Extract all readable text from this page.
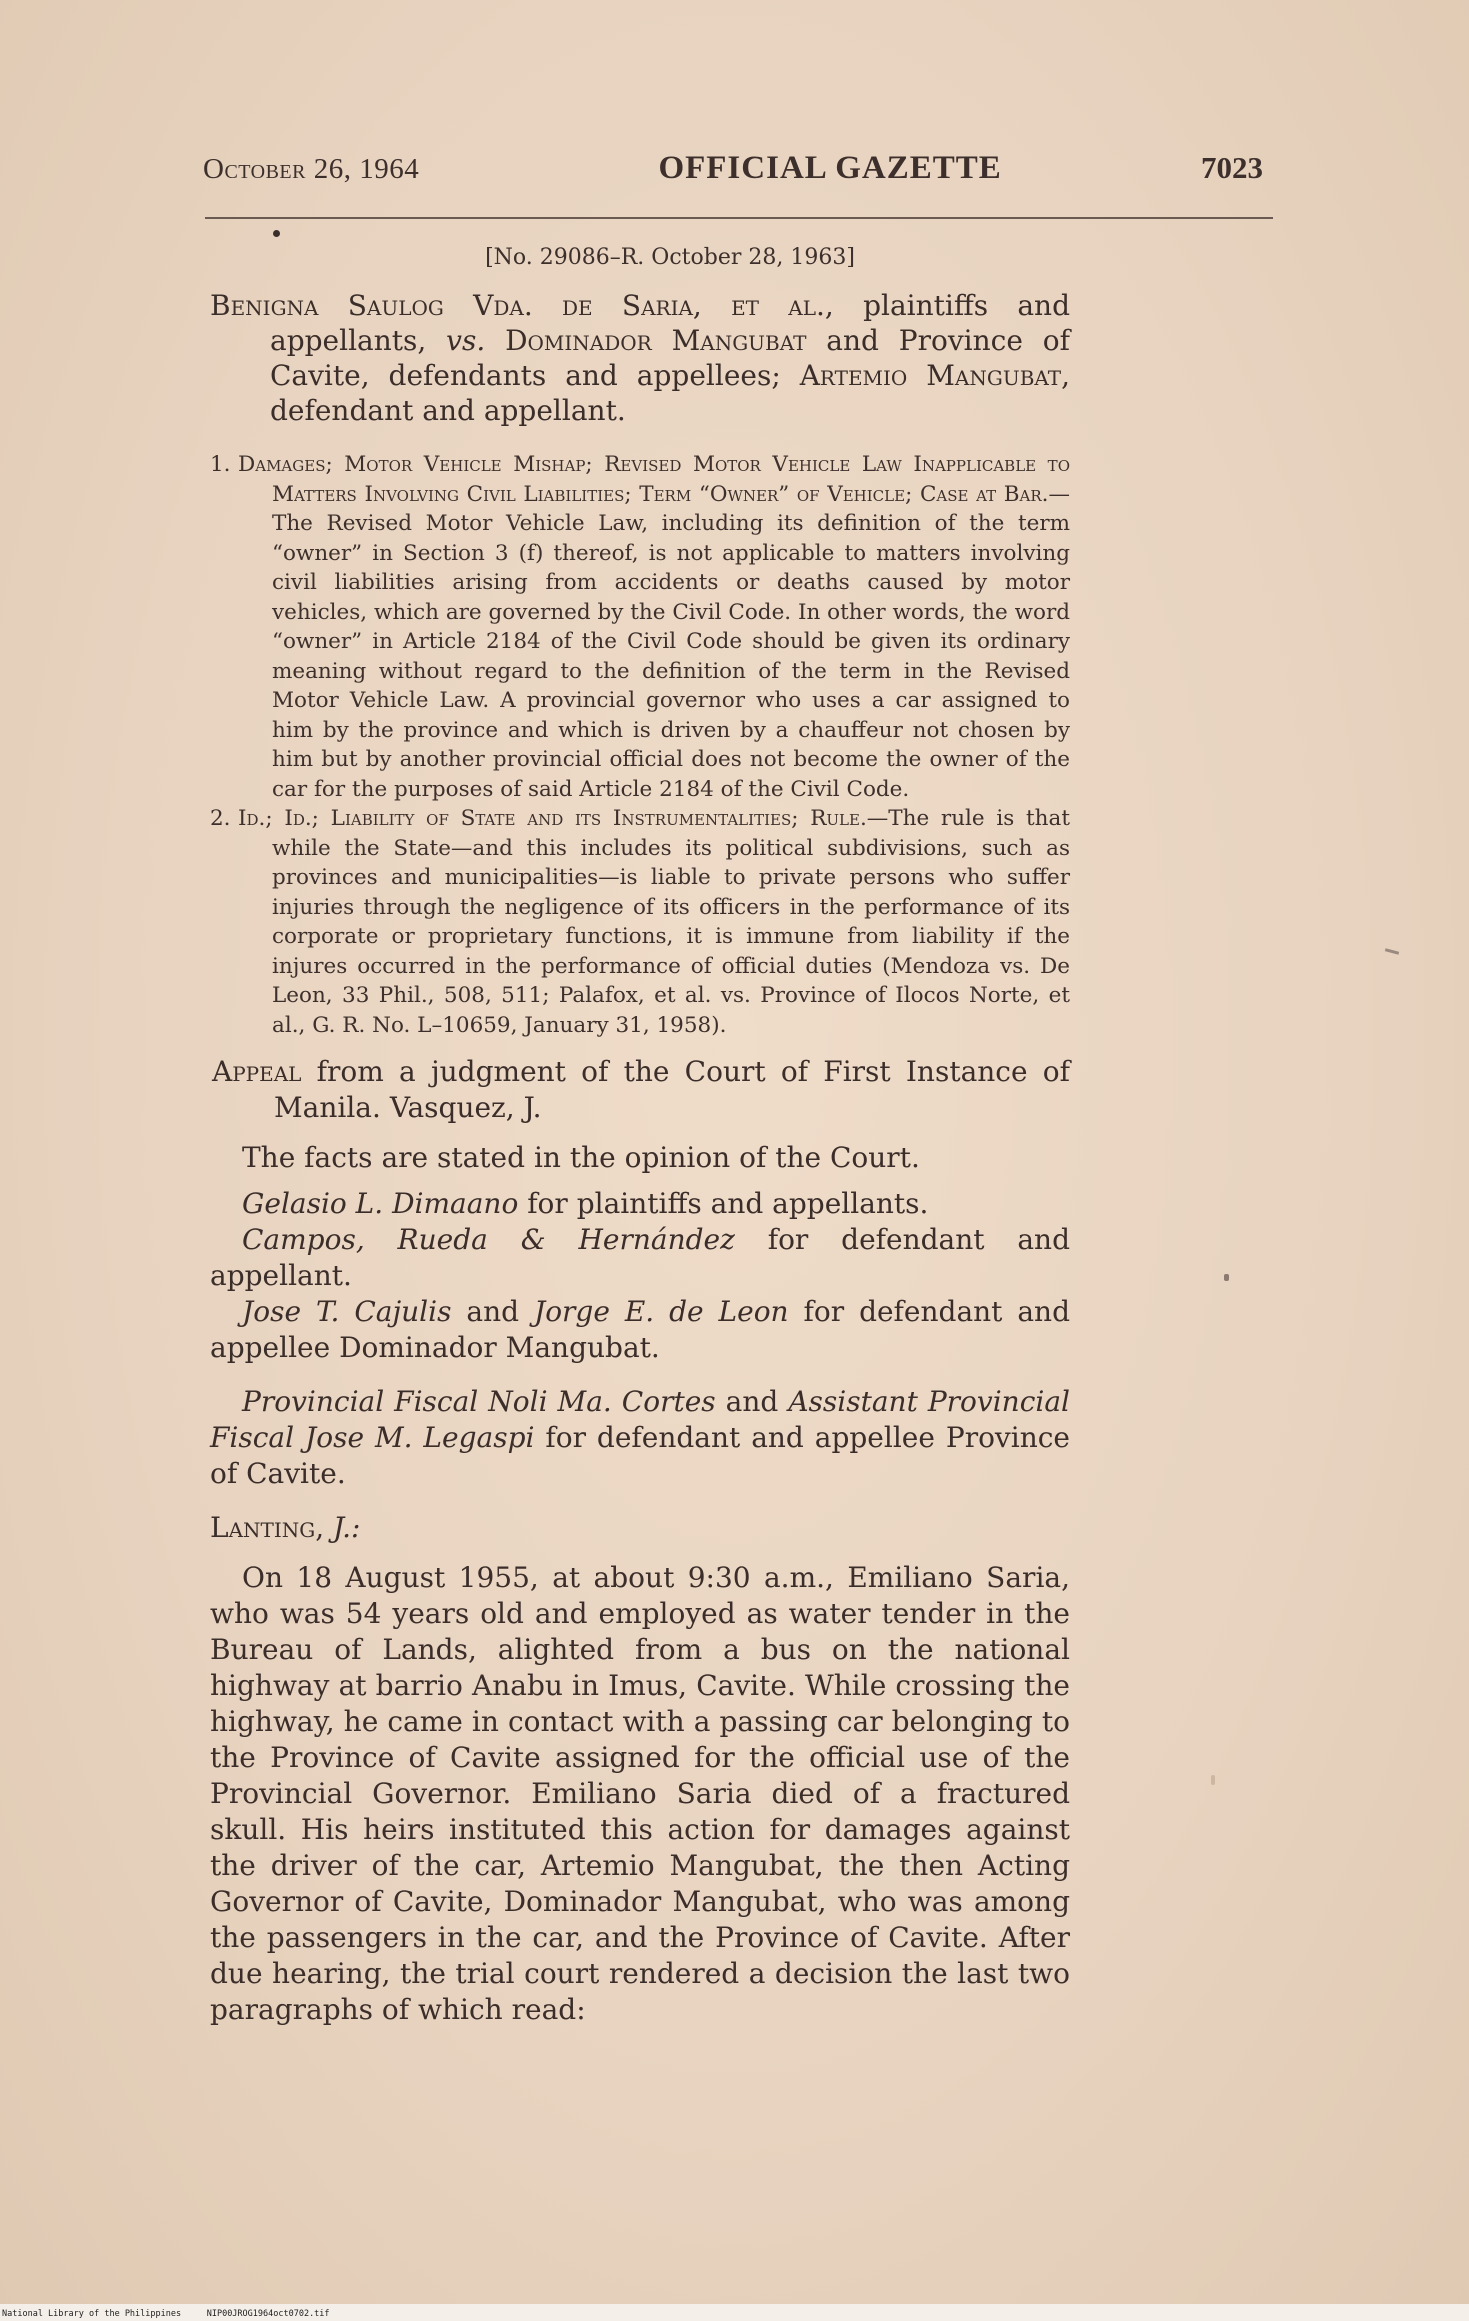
October 26, 1964	OFFICIAL GAZETTE	7023
[No. 29086–R. October 28, 1963]

Benigna Saulog Vda. de Saria, et al., plaintiffs and appellants, vs. Dominador Mangubat and Province of Cavite, defendants and appellees; Artemio Mangubat, defendant and appellant.

1. Damages; Motor Vehicle Mishap; Revised Motor Vehicle Law Inapplicable to Matters Involving Civil Liabilities; Term “Owner” of Vehicle; Case at Bar.—The Revised Motor Vehicle Law, including its definition of the term “owner” in Section 3 (f) thereof, is not applicable to matters involving civil liabilities arising from accidents or deaths caused by motor vehicles, which are governed by the Civil Code. In other words, the word “owner” in Article 2184 of the Civil Code should be given its ordinary meaning without regard to the definition of the term in the Revised Motor Vehicle Law. A provincial governor who uses a car assigned to him by the province and which is driven by a chauffeur not chosen by him but by another provincial official does not become the owner of the car for the purposes of said Article 2184 of the Civil Code.

2. Id.; Id.; Liability of State and its Instrumentalities; Rule.—The rule is that while the State—and this includes its political subdivisions, such as provinces and municipalities—is liable to private persons who suffer injuries through the negligence of its officers in the performance of its corporate or proprietary functions, it is immune from liability if the injures occurred in the performance of official duties (Mendoza vs. De Leon, 33 Phil., 508, 511; Palafox, et al. vs. Province of Ilocos Norte, et al., G. R. No. L–10659, January 31, 1958).

Appeal from a judgment of the Court of First Instance of Manila. Vasquez, J.

The facts are stated in the opinion of the Court.

Gelasio L. Dimaano for plaintiffs and appellants.

Campos, Rueda & Hernández for defendant and appellant.

Jose T. Cajulis and Jorge E. de Leon for defendant and appellee Dominador Mangubat.

Provincial Fiscal Noli Ma. Cortes and Assistant Provincial Fiscal Jose M. Legaspi for defendant and appellee Province of Cavite.

Lanting, J.:

On 18 August 1955, at about 9:30 a.m., Emiliano Saria, who was 54 years old and employed as water tender in the Bureau of Lands, alighted from a bus on the national highway at barrio Anabu in Imus, Cavite. While crossing the highway, he came in contact with a passing car belonging to the Province of Cavite assigned for the official use of the Provincial Governor. Emiliano Saria died of a fractured skull. His heirs instituted this action for damages against the driver of the car, Artemio Mangubat, the then Acting Governor of Cavite, Dominador Mangubat, who was among the passengers in the car, and the Province of Cavite. After due hearing, the trial court rendered a decision the last two paragraphs of which read:

National Library of the Philippines	NIP00JROG1964oct0702.tif
